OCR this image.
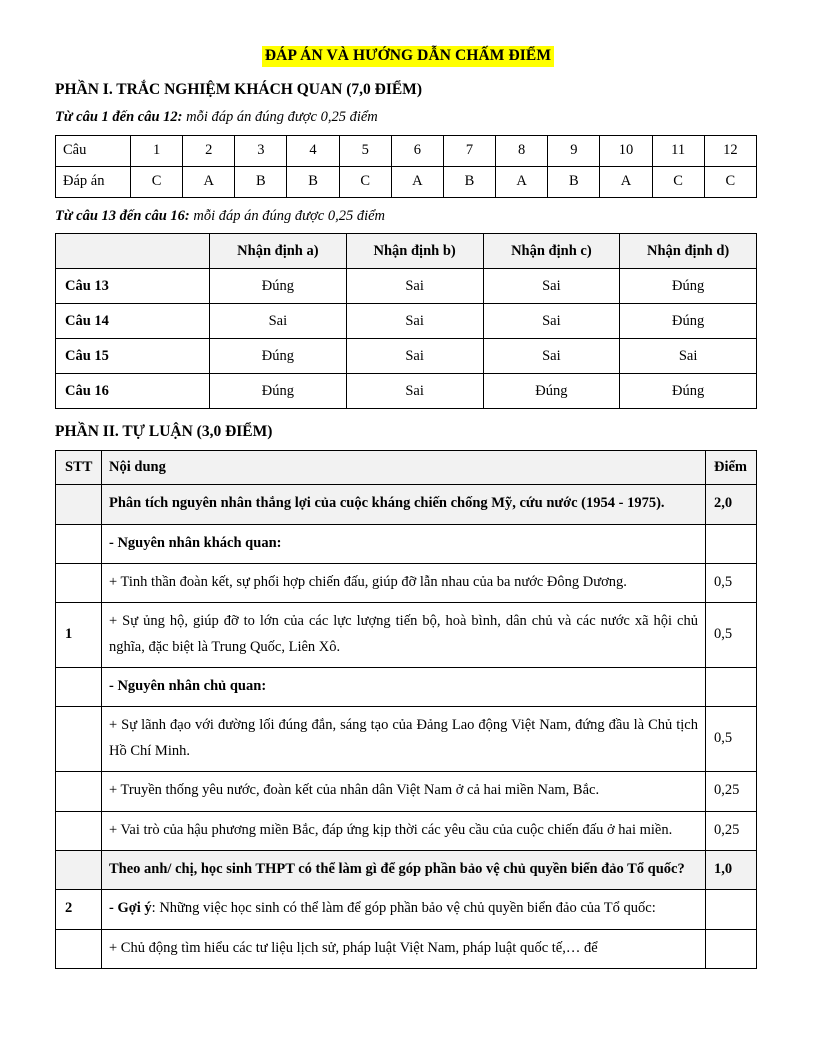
ĐÁP ÁN VÀ HƯỚNG DẪN CHẤM ĐIỂM
PHẦN I. TRẮC NGHIỆM KHÁCH QUAN (7,0 ĐIỂM)
Từ câu 1 đến câu 12: mỗi đáp án đúng được 0,25 điểm
Câu	1	2	3	4	5	6	7	8	9	10	11	12
Đáp án	C	A	B	B	C	A	B	A	B	A	C	C
Từ câu 13 đến câu 16: mỗi đáp án đúng được 0,25 điểm
	Nhận định a)	Nhận định b)	Nhận định c)	Nhận định d)
Câu 13	Đúng	Sai	Sai	Đúng
Câu 14	Sai	Sai	Sai	Đúng
Câu 15	Đúng	Sai	Sai	Sai
Câu 16	Đúng	Sai	Đúng	Đúng
PHẦN II. TỰ LUẬN (3,0 ĐIỂM)
STT	Nội dung	Điểm
	Phân tích nguyên nhân thắng lợi của cuộc kháng chiến chống Mỹ, cứu nước (1954 - 1975).	2,0
	- Nguyên nhân khách quan:	
	+ Tinh thần đoàn kết, sự phối hợp chiến đấu, giúp đỡ lẫn nhau của ba nước Đông Dương.	0,5
1	+ Sự ủng hộ, giúp đỡ to lớn của các lực lượng tiến bộ, hoà bình, dân chủ và các nước xã hội chủ nghĩa, đặc biệt là Trung Quốc, Liên Xô.	0,5
	- Nguyên nhân chủ quan:	
	+ Sự lãnh đạo với đường lối đúng đắn, sáng tạo của Đảng Lao động Việt Nam, đứng đầu là Chủ tịch Hồ Chí Minh.	0,5
	+ Truyền thống yêu nước, đoàn kết của nhân dân Việt Nam ở cả hai miền Nam, Bắc.	0,25
	+ Vai trò của hậu phương miền Bắc, đáp ứng kịp thời các yêu cầu của cuộc chiến đấu ở hai miền.	0,25
	Theo anh/ chị, học sinh THPT có thể làm gì để góp phần bảo vệ chủ quyền biển đảo Tổ quốc?	1,0
2	- Gợi ý: Những việc học sinh có thể làm để góp phần bảo vệ chủ quyền biển đảo của Tổ quốc:	
	+ Chủ động tìm hiểu các tư liệu lịch sử, pháp luật Việt Nam, pháp luật quốc tế,… để	
